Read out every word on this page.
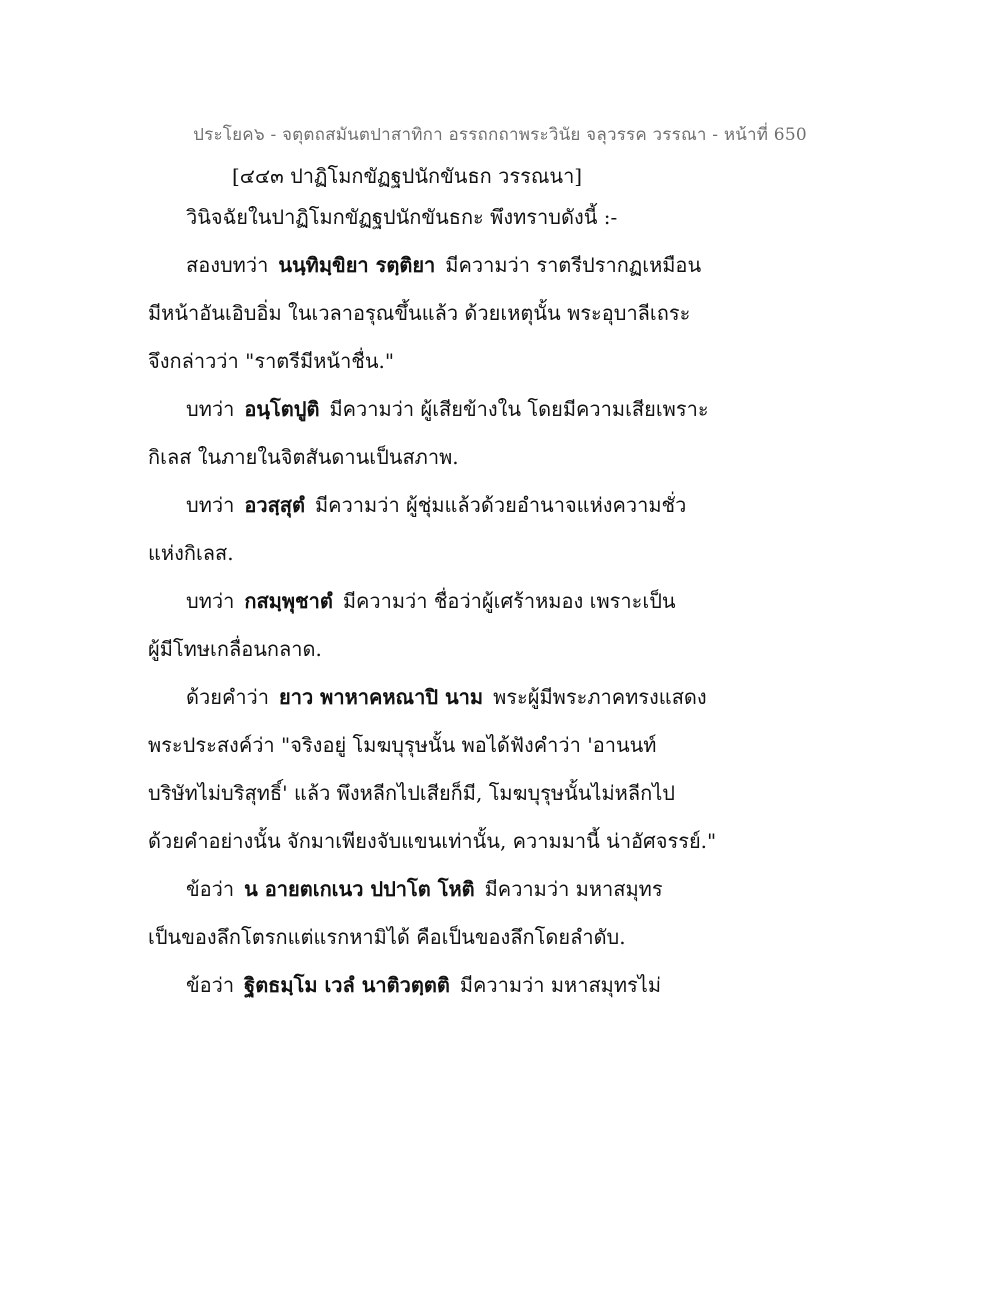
ประโยค๖ - จตุตถสมันตปาสาทิกา อรรถกถาพระวินัย จลุวรรค วรรณา - หน้าที่ 650
[๔๔๓ ปาฏิโมกขัฏฐปนักขันธก วรรณนา]
วินิจฉัยในปาฏิโมกขัฏฐปนักขันธกะ พึงทราบดังนี้ :-
สองบทว่า นนฺทิมฺขิยา รตฺติยา มีความว่า ราตรีปรากฏเหมือน
มีหน้าอันเอิบอิ่ม ในเวลาอรุณขึ้นแล้ว ด้วยเหตุนั้น พระอุบาลีเถระ
จึงกล่าวว่า "ราตรีมีหน้าชื่น."
บทว่า อนฺโตปูติ มีความว่า ผู้เสียข้างใน โดยมีความเสียเพราะ
กิเลส ในภายในจิตสันดานเป็นสภาพ.
บทว่า อวสฺสุตํ มีความว่า ผู้ชุ่มแล้วด้วยอำนาจแห่งความชั่ว
แห่งกิเลส.
บทว่า กสมฺพุชาตํ มีความว่า ชื่อว่าผู้เศร้าหมอง เพราะเป็น
ผู้มีโทษเกลื่อนกลาด.
ด้วยคำว่า ยาว พาหาคหณาปิ นาม พระผู้มีพระภาคทรงแสดง
พระประสงค์ว่า "จริงอยู่ โมฆบุรุษนั้น พอได้ฟังคำว่า 'อานนท์
บริษัทไม่บริสุทธิ์' แล้ว พึงหลีกไปเสียก็มี, โมฆบุรุษนั้นไม่หลีกไป
ด้วยคำอย่างนั้น จักมาเพียงจับแขนเท่านั้น, ความมานี้ น่าอัศจรรย์."
ข้อว่า น อายตเกเนว ปปาโต โหติ มีความว่า มหาสมุทร
เป็นของลึกโตรกแต่แรกหามิได้ คือเป็นของลึกโดยลำดับ.
ข้อว่า ฐิตธมฺโม เวลํ นาติวตฺตติ มีความว่า มหาสมุทรไม่
